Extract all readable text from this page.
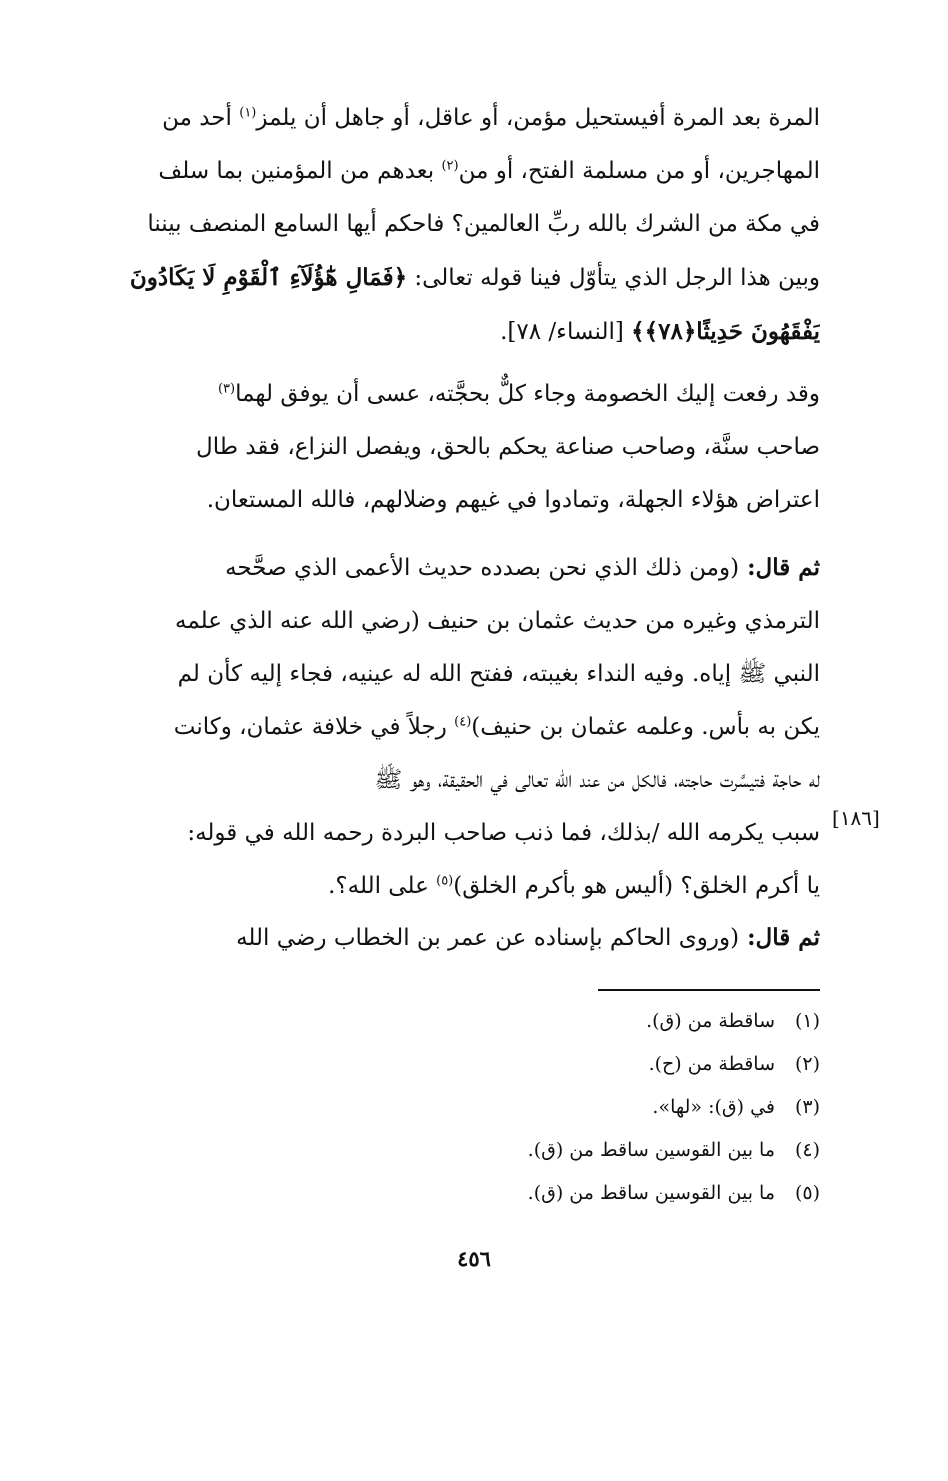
المرة بعد المرة أفيستحيل مؤمن، أو عاقل، أو جاهل أن يلمز$^{(١)}$ أحد من
المهاجرين، أو من مسلمة الفتح، أو من$^{(٢)}$ بعدهم من المؤمنين بما سلف
في مكة من الشرك بالله ربِّ العالمين؟ فاحكم أيها السامع المنصف بيننا
وبين هذا الرجل الذي يتأوّل فينا قوله تعالى: ﴿فَمَالِ هَٰٓؤُلَآءِ ٱلْقَوْمِ لَا يَكَادُونَ
يَفْقَهُونَ حَدِيثًا﴿٧٨﴾﴾ [النساء/ ٧٨].
وقد رفعت إليك الخصومة وجاء كلٌّ بحجَّته، عسى أن يوفق لهما$^{(٣)}$
صاحب سنَّة، وصاحب صناعة يحكم بالحق، ويفصل النزاع، فقد طال
اعتراض هؤلاء الجهلة، وتمادوا في غيهم وضلالهم، فالله المستعان.
ثم قال: (ومن ذلك الذي نحن بصدده حديث الأعمى الذي صحَّحه
الترمذي وغيره من حديث عثمان بن حنيف (رضي الله عنه الذي علمه
النبي ﷺ إياه. وفيه النداء بغيبته، ففتح الله له عينيه، فجاء إليه كأن لم
يكن به بأس. وعلمه عثمان بن حنيف)$^{(٤)}$ رجلاً في خلافة عثمان، وكانت
له حاجة فتيسَّرت حاجته، فالكل من عند الله تعالى في الحقيقة، وهو ﷺ
سبب يكرمه الله /بذلك، فما ذنب صاحب البردة رحمه الله في قوله:
يا أكرم الخلق؟ (أليس هو بأكرم الخلق)$^{(٥)}$ على الله؟.
[١٨٦]
ثم قال: (وروى الحاكم بإسناده عن عمر بن الخطاب رضي الله
(١)
ساقطة من (ق).
(٢)
ساقطة من (ح).
(٣)
في (ق): «لها».
(٤)
ما بين القوسين ساقط من (ق).
(٥)
ما بين القوسين ساقط من (ق).
٤٥٦
